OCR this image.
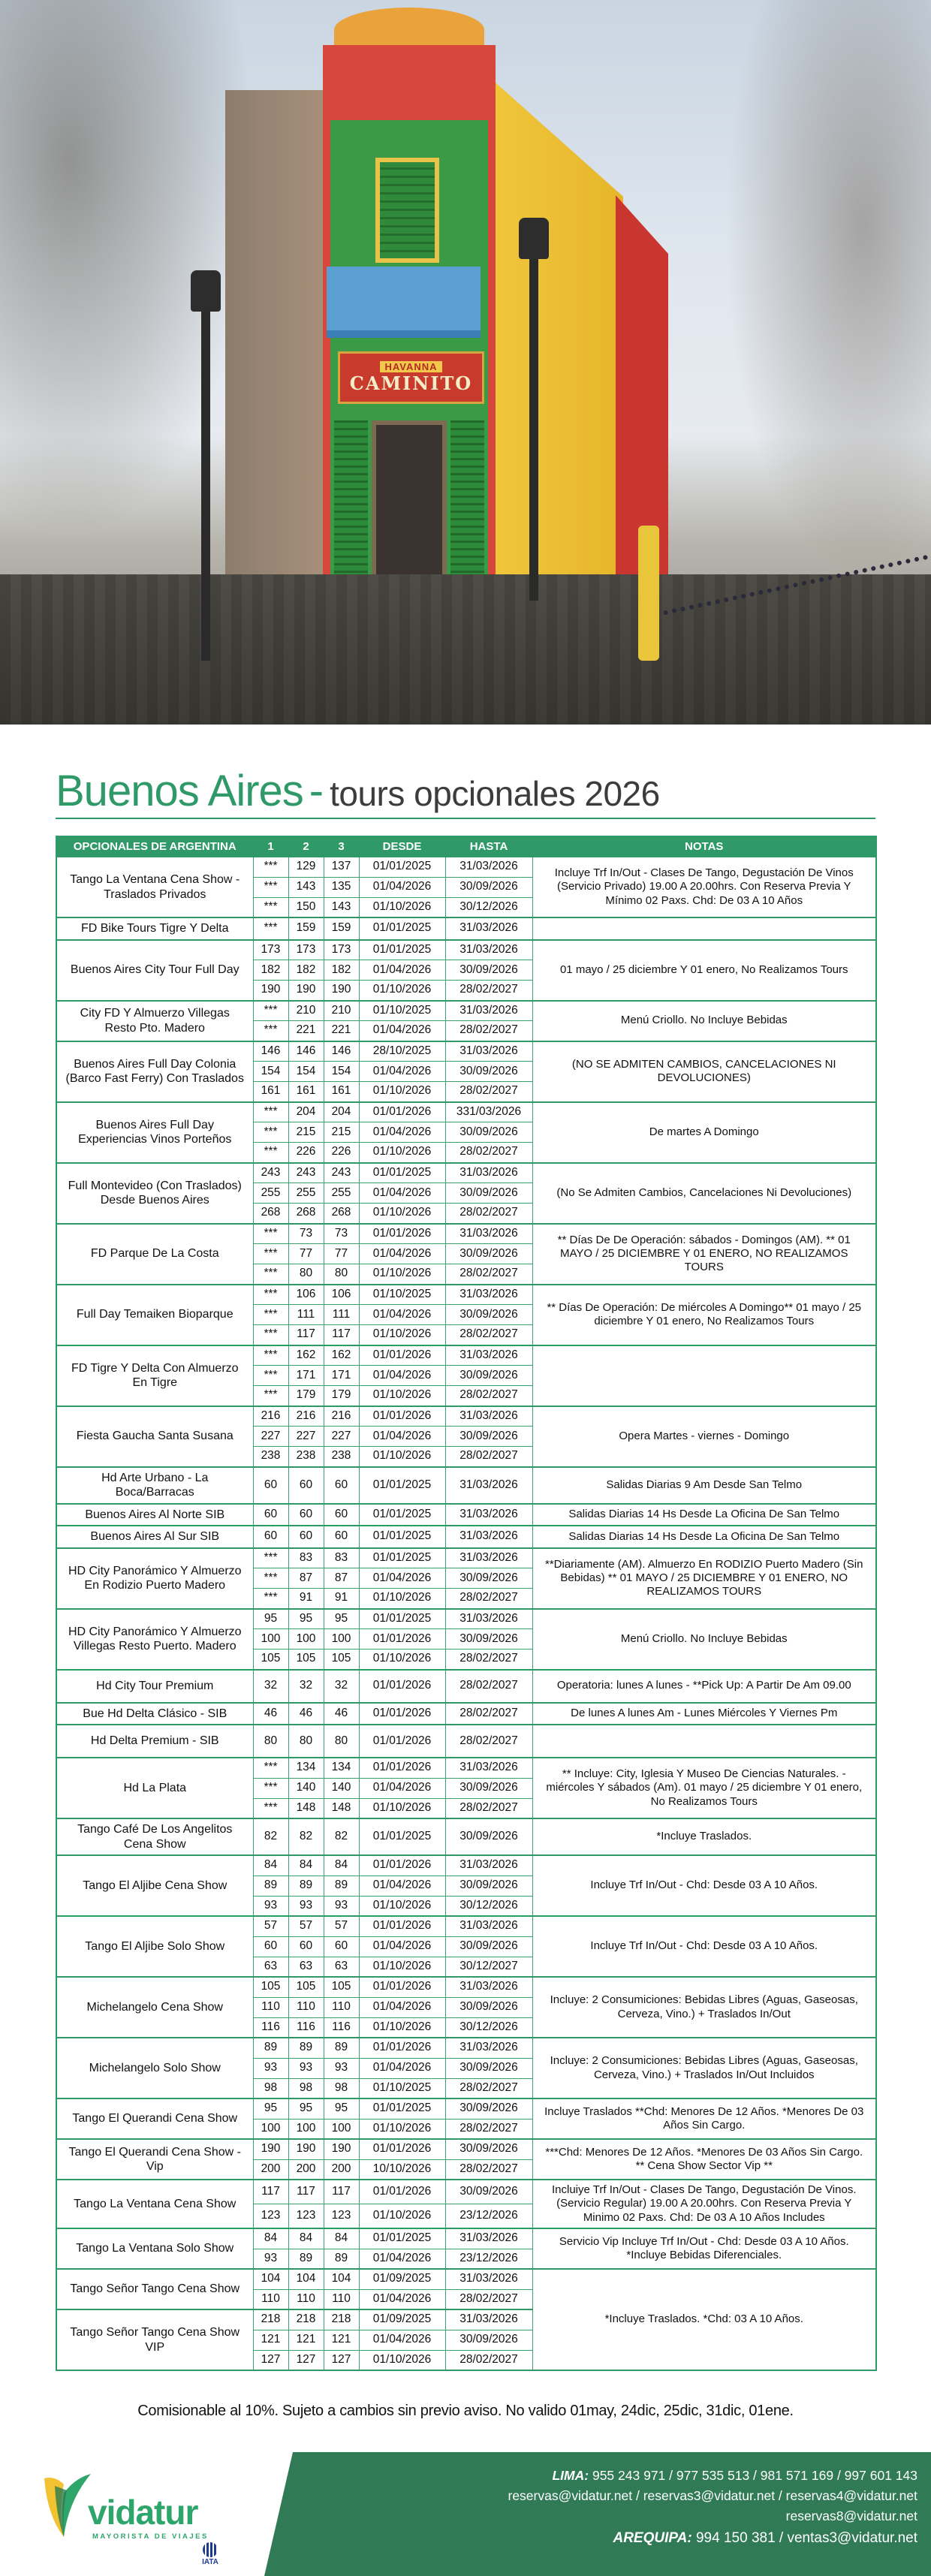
HAVANNA
CAMINITO
Buenos Aires - tours opcionales 2026
OPCIONALES DE ARGENTINA	1	2	3	DESDE	HASTA	NOTAS
Tango La Ventana Cena Show - Traslados Privados	***	129	137	01/01/2025	31/03/2026	Incluye Trf In/Out - Clases De Tango, Degustación De Vinos (Servicio Privado) 19.00 A 20.00hrs. Con Reserva Previa Y Mínimo 02 Paxs. Chd: De 03 A 10 Años
	***	143	135	01/04/2026	30/09/2026	
	***	150	143	01/10/2026	30/12/2026	
FD Bike Tours Tigre Y Delta	***	159	159	01/01/2025	31/03/2026	
Buenos Aires City Tour Full Day	173	173	173	01/01/2025	31/03/2026	01 mayo / 25 diciembre Y 01 enero, No Realizamos Tours
	182	182	182	01/04/2026	30/09/2026	
	190	190	190	01/10/2026	28/02/2027	
City FD Y Almuerzo Villegas Resto Pto. Madero	***	210	210	01/10/2025	31/03/2026	Menú Criollo. No Incluye Bebidas
	***	221	221	01/04/2026	28/02/2027	
Buenos Aires Full Day Colonia (Barco Fast Ferry) Con Traslados	146	146	146	28/10/2025	31/03/2026	(NO SE ADMITEN CAMBIOS, CANCELACIONES NI DEVOLUCIONES)
	154	154	154	01/04/2026	30/09/2026	
	161	161	161	01/10/2026	28/02/2027	
Buenos Aires Full Day Experiencias Vinos Porteños	***	204	204	01/01/2026	331/03/2026	De martes A Domingo
	***	215	215	01/04/2026	30/09/2026	
	***	226	226	01/10/2026	28/02/2027	
Full Montevideo (Con Traslados) Desde Buenos Aires	243	243	243	01/01/2025	31/03/2026	(No Se Admiten Cambios, Cancelaciones Ni Devoluciones)
	255	255	255	01/04/2026	30/09/2026	
	268	268	268	01/10/2026	28/02/2027	
FD Parque De La Costa	***	73	73	01/01/2026	31/03/2026	** Días De De Operación: sábados - Domingos (AM). ** 01 MAYO / 25 DICIEMBRE Y 01 ENERO, NO REALIZAMOS TOURS
	***	77	77	01/04/2026	30/09/2026	
	***	80	80	01/10/2026	28/02/2027	
Full Day Temaiken Bioparque	***	106	106	01/10/2025	31/03/2026	** Días De Operación: De miércoles A Domingo** 01 mayo / 25 diciembre Y 01 enero, No Realizamos Tours
	***	111	111	01/04/2026	30/09/2026	
	***	117	117	01/10/2026	28/02/2027	
FD Tigre Y Delta Con Almuerzo En Tigre	***	162	162	01/01/2026	31/03/2026	
	***	171	171	01/04/2026	30/09/2026	
	***	179	179	01/10/2026	28/02/2027	
Fiesta Gaucha Santa Susana	216	216	216	01/01/2026	31/03/2026	Opera Martes - viernes - Domingo
	227	227	227	01/04/2026	30/09/2026	
	238	238	238	01/10/2026	28/02/2027	
Hd Arte Urbano - La Boca/Barracas	60	60	60	01/01/2025	31/03/2026	Salidas Diarias 9 Am Desde San Telmo
Buenos Aires Al Norte SIB	60	60	60	01/01/2025	31/03/2026	Salidas Diarias 14 Hs Desde La Oficina De San Telmo
Buenos Aires Al Sur SIB	60	60	60	01/01/2025	31/03/2026	Salidas Diarias 14 Hs Desde La Oficina De San Telmo
HD City Panorámico Y Almuerzo En Rodizio Puerto Madero	***	83	83	01/01/2025	31/03/2026	**Diariamente (AM). Almuerzo En RODIZIO Puerto Madero (Sin Bebidas) ** 01 MAYO / 25 DICIEMBRE Y 01 ENERO, NO REALIZAMOS TOURS
	***	87	87	01/04/2026	30/09/2026	
	***	91	91	01/10/2026	28/02/2027	
HD City Panorámico Y Almuerzo Villegas Resto Puerto. Madero	95	95	95	01/01/2025	31/03/2026	Menú Criollo. No Incluye Bebidas
	100	100	100	01/01/2026	30/09/2026	
	105	105	105	01/10/2026	28/02/2027	
Hd City Tour Premium	32	32	32	01/01/2026	28/02/2027	Operatoria: lunes A lunes - **Pick Up: A Partir De Am 09.00
Bue Hd Delta Clásico - SIB	46	46	46	01/01/2026	28/02/2027	De lunes A lunes Am - Lunes Miércoles Y Viernes Pm
Hd Delta Premium - SIB	80	80	80	01/01/2026	28/02/2027	
Hd La Plata	***	134	134	01/01/2026	31/03/2026	** Incluye: City, Iglesia Y Museo De Ciencias Naturales. - miércoles Y sábados (Am). 01 mayo / 25 diciembre Y 01 enero, No Realizamos Tours
	***	140	140	01/04/2026	30/09/2026	
	***	148	148	01/10/2026	28/02/2027	
Tango Café De Los Angelitos Cena Show	82	82	82	01/01/2025	30/09/2026	*Incluye Traslados.
Tango El Aljibe Cena Show	84	84	84	01/01/2026	31/03/2026	Incluye Trf In/Out - Chd: Desde 03 A 10 Años.
	89	89	89	01/04/2026	30/09/2026	
	93	93	93	01/10/2026	30/12/2026	
Tango El Aljibe Solo Show	57	57	57	01/01/2026	31/03/2026	Incluye Trf In/Out - Chd: Desde 03 A 10 Años.
	60	60	60	01/04/2026	30/09/2026	
	63	63	63	01/10/2026	30/12/2027	
Michelangelo Cena Show	105	105	105	01/01/2026	31/03/2026	Incluye: 2 Consumiciones: Bebidas Libres (Aguas, Gaseosas, Cerveza, Vino.) + Traslados In/Out
	110	110	110	01/04/2026	30/09/2026	
	116	116	116	01/10/2026	30/12/2026	
Michelangelo Solo Show	89	89	89	01/01/2026	31/03/2026	Incluye: 2 Consumiciones: Bebidas Libres (Aguas, Gaseosas, Cerveza, Vino.) + Traslados In/Out Incluidos
	93	93	93	01/04/2026	30/09/2026	
	98	98	98	01/10/2025	28/02/2027	
Tango El Querandi Cena Show	95	95	95	01/01/2025	30/09/2026	Incluye Traslados **Chd: Menores De 12 Años. *Menores De 03 Años Sin Cargo.
	100	100	100	01/10/2026	28/02/2027	
Tango El Querandi Cena Show - Vip	190	190	190	01/01/2026	30/09/2026	***Chd: Menores De 12 Años. *Menores De 03 Años Sin Cargo. ** Cena Show Sector Vip **
	200	200	200	10/10/2026	28/02/2027	
Tango La Ventana Cena Show	117	117	117	01/01/2026	30/09/2026	Incluiye Trf In/Out - Clases De Tango, Degustación De Vinos. (Servicio Regular) 19.00 A 20.00hrs. Con Reserva Previa Y Minimo 02 Paxs. Chd: De 03 A 10 Años Includes
	123	123	123	01/10/2026	23/12/2026	
Tango La Ventana Solo Show	84	84	84	01/01/2025	31/03/2026	Servicio Vip Incluye Trf In/Out - Chd: Desde 03 A 10 Años. *Incluye Bebidas Diferenciales.
	93	89	89	01/04/2026	23/12/2026	
Tango Señor Tango Cena Show	104	104	104	01/09/2025	31/03/2026	*Incluye Traslados. *Chd: 03 A 10 Años.
	110	110	110	01/04/2026	28/02/2027	
Tango Señor Tango Cena Show VIP	218	218	218	01/09/2025	31/03/2026	
	121	121	121	01/04/2026	30/09/2026	
	127	127	127	01/10/2026	28/02/2027	
Comisionable al 10%. Sujeto a cambios sin previo aviso. No valido 01may, 24dic, 25dic, 31dic, 01ene.
vidatur
MAYORISTA DE VIAJES
IATA
LIMA: 955 243 971 / 977 535 513 / 981 571 169 / 997 601 143
reservas@vidatur.net / reservas3@vidatur.net / reservas4@vidatur.net
reservas8@vidatur.net
AREQUIPA: 994 150 381 / ventas3@vidatur.net
